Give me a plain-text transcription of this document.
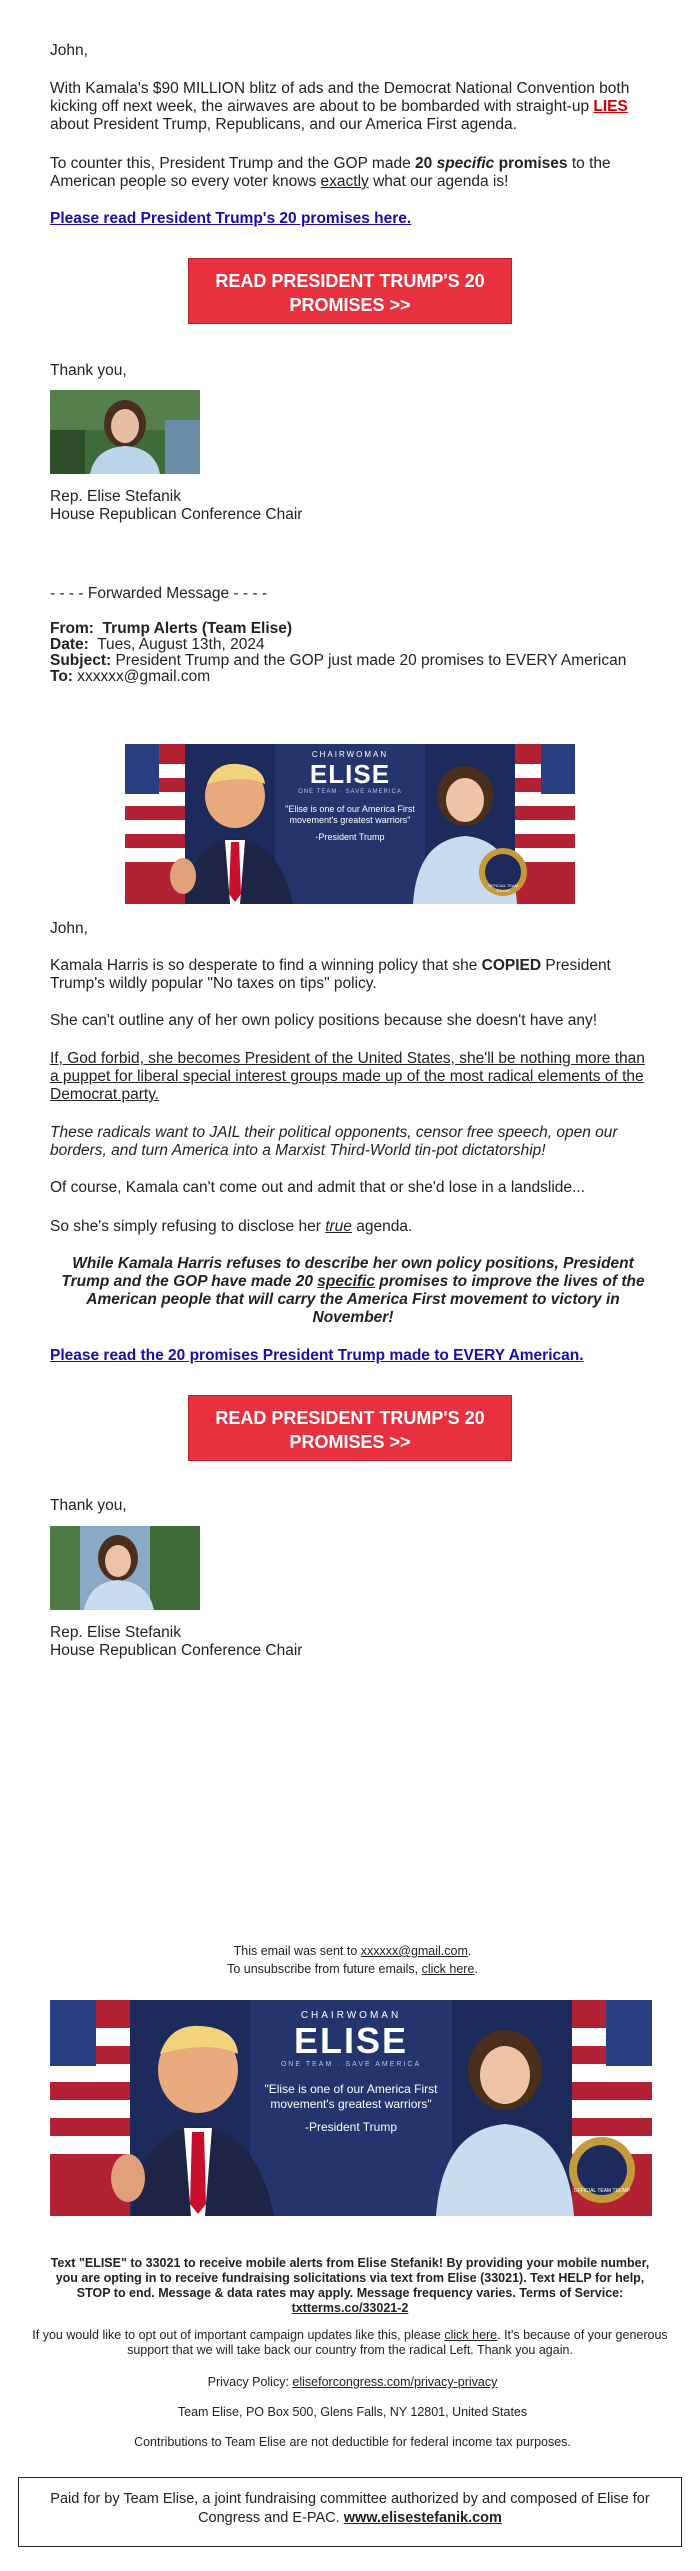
John,

With Kamala's $90 MILLION blitz of ads and the Democrat National Convention both kicking off next week, the airwaves are about to be bombarded with straight-up LIES about President Trump, Republicans, and our America First agenda.

To counter this, President Trump and the GOP made 20 specific promises to the American people so every voter knows exactly what our agenda is!

Please read President Trump's 20 promises here.

READ PRESIDENT TRUMP'S 20 PROMISES >>

Thank you,

Rep. Elise Stefanik

House Republican Conference Chair

- - - - Forwarded Message - - - -

From: Trump Alerts (Team Elise)
Date: Tues, August 13th, 2024
Subject: President Trump and the GOP just made 20 promises to EVERY American
To: xxxxxx@gmail.com

CHAIRWOMAN
ELISE
ONE TEAM · SAVE AMERICA
"Elise is one of our America First movement's greatest warriors"
-President Trump
OFFICIAL TEAM TRUMP

John,

Kamala Harris is so desperate to find a winning policy that she COPIED President Trump's wildly popular "No taxes on tips" policy.

She can't outline any of her own policy positions because she doesn't have any!

If, God forbid, she becomes President of the United States, she'll be nothing more than a puppet for liberal special interest groups made up of the most radical elements of the Democrat party.

These radicals want to JAIL their political opponents, censor free speech, open our borders, and turn America into a Marxist Third-World tin-pot dictatorship!

Of course, Kamala can't come out and admit that or she'd lose in a landslide...

So she's simply refusing to disclose her true agenda.

While Kamala Harris refuses to describe her own policy positions, President Trump and the GOP have made 20 specific promises to improve the lives of the American people that will carry the America First movement to victory in November!

Please read the 20 promises President Trump made to EVERY American.

READ PRESIDENT TRUMP'S 20 PROMISES >>

Thank you,

Rep. Elise Stefanik

House Republican Conference Chair

This email was sent to xxxxxx@gmail.com.

To unsubscribe from future emails, click here.

CHAIRWOMAN
ELISE
ONE TEAM · SAVE AMERICA
"Elise is one of our America First movement's greatest warriors"
-President Trump
OFFICIAL TEAM TRUMP

Text "ELISE" to 33021 to receive mobile alerts from Elise Stefanik! By providing your mobile number, you are opting in to receive fundraising solicitations via text from Elise (33021). Text HELP for help, STOP to end. Message & data rates may apply. Message frequency varies. Terms of Service: txtterms.co/33021-2

If you would like to opt out of important campaign updates like this, please click here. It's because of your generous support that we will take back our country from the radical Left. Thank you again.

Privacy Policy: eliseforcongress.com/privacy-privacy

Team Elise, PO Box 500, Glens Falls, NY 12801, United States

Contributions to Team Elise are not deductible for federal income tax purposes.

Paid for by Team Elise, a joint fundraising committee authorized by and composed of Elise for Congress and E-PAC. www.elisestefanik.com
